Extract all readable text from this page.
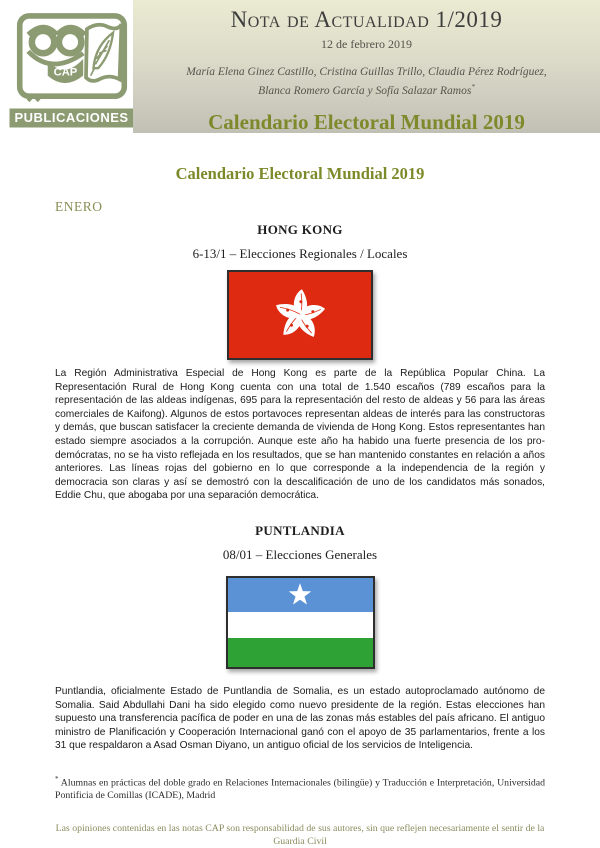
CAP
PUBLICACIONES
Nota de Actualidad 1/2019
12 de febrero 2019
María Elena Ginez Castillo, Cristina Guillas Trillo, Claudia Pérez Rodríguez,
Blanca Romero García y Sofía Salazar Ramos*
Calendario Electoral Mundial 2019
Calendario Electoral Mundial 2019
ENERO
HONG KONG
6-13/1 – Elecciones Regionales / Locales

La Región Administrativa Especial de Hong Kong es parte de la República Popular China. La Representación Rural de Hong Kong cuenta con una total de 1.540 escaños (789 escaños para la representación de las aldeas indígenas, 695 para la representación del resto de aldeas y 56 para las áreas comerciales de Kaifong). Algunos de estos portavoces representan aldeas de interés para las constructoras y demás, que buscan satisfacer la creciente demanda de vivienda de Hong Kong. Estos representantes han estado siempre asociados a la corrupción. Aunque este año ha habido una fuerte presencia de los pro-demócratas, no se ha visto reflejada en los resultados, que se han mantenido constantes en relación a años anteriores. Las líneas rojas del gobierno en lo que corresponde a la independencia de la región y democracia son claras y así se demostró con la descalificación de uno de los candidatos más sonados, Eddie Chu, que abogaba por una separación democrática.

PUNTLANDIA
08/01 – Elecciones Generales

Puntlandia, oficialmente Estado de Puntlandia de Somalia, es un estado autoproclamado autónomo de Somalia. Said Abdullahi Dani ha sido elegido como nuevo presidente de la región. Estas elecciones han supuesto una transferencia pacífica de poder en una de las zonas más estables del país africano. El antiguo ministro de Planificación y Cooperación Internacional ganó con el apoyo de 35 parlamentarios, frente a los 31 que respaldaron a Asad Osman Diyano, un antiguo oficial de los servicios de Inteligencia.

* Alumnas en prácticas del doble grado en Relaciones Internacionales (bilingüe) y Traducción e Interpretación, Universidad Pontificia de Comillas (ICADE), Madrid
Las opiniones contenidas en las notas CAP son responsabilidad de sus autores, sin que reflejen necesariamente el sentir de la Guardia Civil
